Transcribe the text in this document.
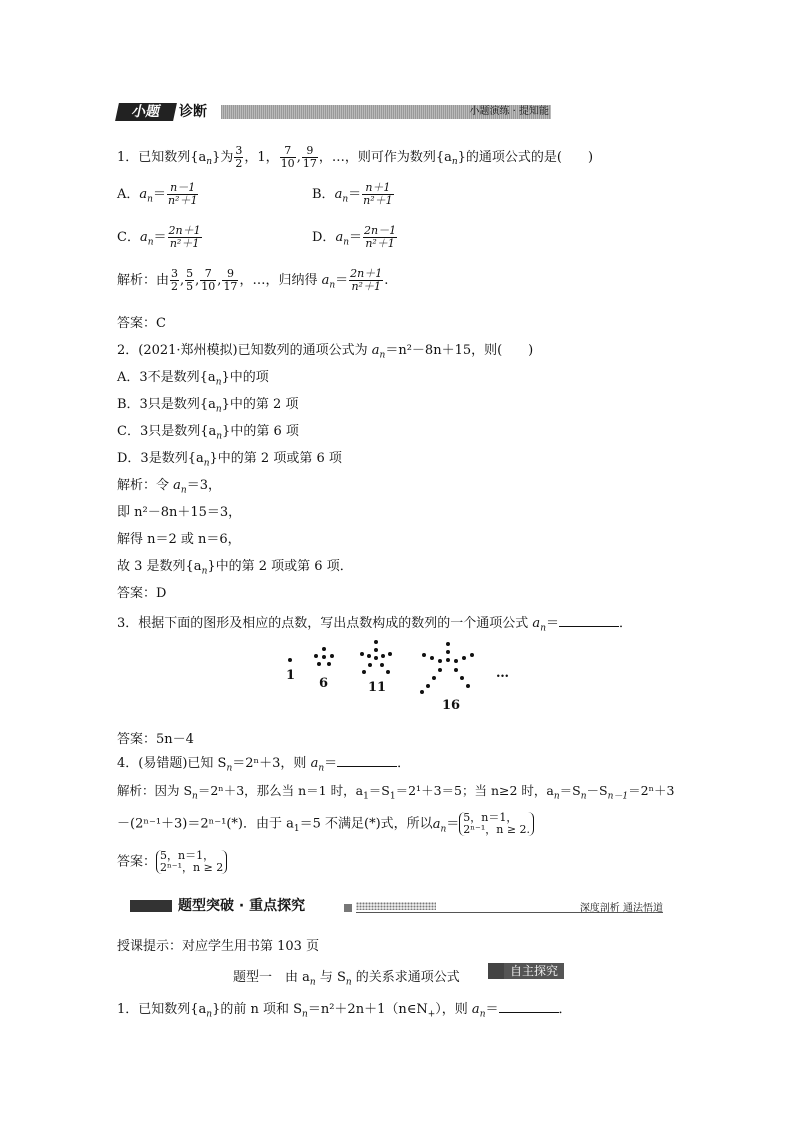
小题	诊断	小题演练 · 提知能
1．已知数列$\{a_n\}$为 $\frac{3}{2}$ ，1， $\frac{7}{10}$ , $\frac{9}{17}$ ，…，则可作为数列$\{a_n\}$的通项公式的是(　　)
A．$a_n= \frac{n-1}{\text{n²＋1}}$	B．$a_n= \frac{n+1}{\text{n²＋1}}$
C．$a_n= \frac{2n+1}{\text{n²＋1}}$	D．$a_n= \frac{2n-1}{\text{n²＋1}}$
解析：由 $\frac{3}{2}$ , $\frac{5}{5}$ , $\frac{7}{10}$ , $\frac{9}{17}$ ，…，归纳得 $a_n= \frac{2n+1}{\text{n²＋1}}$ .
答案：C
2．(2021·郑州模拟)已知数列的通项公式为 $a_n=n^2-8n+15$，则(　　)
A．3不是数列$\{a_n\}$中的项
B．3只是数列$\{a_n\}$中的第 2 项
C．3只是数列$\{a_n\}$中的第 6 项
D．3是数列$\{a_n\}$中的第 2 项或第 6 项
解析：令 $a_n=3$，
即 n²－8n＋15＝3，
解得 n＝2 或 n＝6，
故 3 是数列$\{a_n\}$中的第 2 项或第 6 项．
答案：D
3．根据下面的图形及相应的点数，写出点数构成的数列的一个通项公式 $a_n=$	．
1
6	11
16
…
答案：5n－4
4．(易错题)已知 $S_n=2^n+3$，则 $a_n=$	．
解析：因为 $S_n=2^n+3$，那么当 n＝1 时，$a_1=S_1=2^1+3=5$；当 n≥2 时，$a_n=S_n-S_{n-1}=2^n+3$
－(2ⁿ⁻¹＋3)＝2ⁿ⁻¹(*)．由于 $a_1=5$ 不满足(*)式，所以$a_n= 5$，n＝1，
2ⁿ⁻¹，n ≥ 2.
答案： 5，n＝1，
2ⁿ⁻¹，n ≥ 2
题型突破 · 重点探究	深度剖析 通法悟道
授课提示：对应学生用书第 103 页
题型一　由 $a_n$ 与 $S_n$ 的关系求通项公式	自主探究
1．已知数列$\{a_n\}$的前 n 项和 $S_n=n^2+2n+1(n\in N_+)$，则 $a_n=$	．
